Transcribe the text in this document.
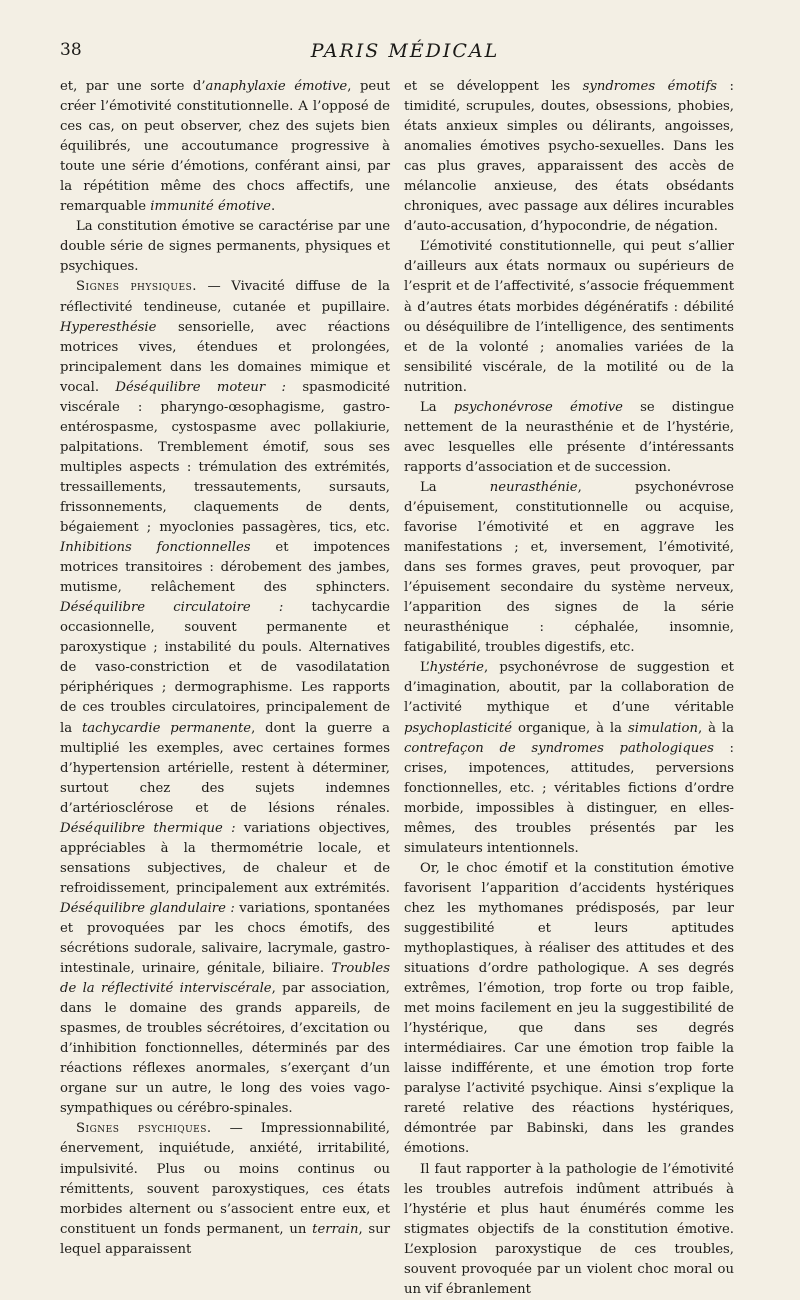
38	PARIS MÉDICAL

et, par une sorte d’anaphylaxie émotive, peut créer l’émotivité constitutionnelle. A l’opposé de ces cas, on peut observer, chez des sujets bien équilibrés, une accoutumance progressive à toute une série d’émotions, conférant ainsi, par la répétition même des chocs affectifs, une remarquable immunité émotive.

La constitution émotive se caractérise par une double série de signes permanents, physiques et psychiques.

Signes physiques. — Vivacité diffuse de la réflectivité tendineuse, cutanée et pupillaire. Hyperesthésie sensorielle, avec réactions motrices vives, étendues et prolongées, principalement dans les domaines mimique et vocal. Déséquilibre moteur : spasmodicité viscérale : pharyngo-œsophagisme, gastro-entérospasme, cystospasme avec pollakiurie, palpitations. Tremblement émotif, sous ses multiples aspects : trémulation des extrémités, tressaillements, tressautements, sursauts, frissonnements, claquements de dents, bégaiement ; myoclonies passagères, tics, etc. Inhibitions fonctionnelles et impotences motrices transitoires : dérobement des jambes, mutisme, relâchement des sphincters. Déséquilibre circulatoire : tachycardie occasionnelle, souvent permanente et paroxystique ; instabilité du pouls. Alternatives de vaso-constriction et de vasodilatation périphériques ; dermographisme. Les rapports de ces troubles circulatoires, principalement de la tachycardie permanente, dont la guerre a multiplié les exemples, avec certaines formes d’hypertension artérielle, restent à déterminer, surtout chez des sujets indemnes d’artériosclérose et de lésions rénales. Déséquilibre thermique : variations objectives, appréciables à la thermométrie locale, et sensations subjectives, de chaleur et de refroidissement, principalement aux extrémités. Déséquilibre glandulaire : variations, spontanées et provoquées par les chocs émotifs, des sécrétions sudorale, salivaire, lacrymale, gastro-intestinale, urinaire, génitale, biliaire. Troubles de la réflectivité interviscérale, par association, dans le domaine des grands appareils, de spasmes, de troubles sécrétoires, d’excitation ou d’inhibition fonctionnelles, déterminés par des réactions réflexes anormales, s’exerçant d’un organe sur un autre, le long des voies vago-sympathiques ou cérébro-spinales.

Signes psychiques. — Impressionnabilité, énervement, inquiétude, anxiété, irritabilité, impulsivité. Plus ou moins continus ou rémittents, souvent paroxystiques, ces états morbides alternent ou s’associent entre eux, et constituent un fonds permanent, un terrain, sur lequel apparaissent

et se développent les syndromes émotifs : timidité, scrupules, doutes, obsessions, phobies, états anxieux simples ou délirants, angoisses, anomalies émotives psycho-sexuelles. Dans les cas plus graves, apparaissent des accès de mélancolie anxieuse, des états obsédants chroniques, avec passage aux délires incurables d’auto-accusation, d’hypocondrie, de négation.

L’émotivité constitutionnelle, qui peut s’allier d’ailleurs aux états normaux ou supérieurs de l’esprit et de l’affectivité, s’associe fréquemment à d’autres états morbides dégénératifs : débilité ou déséquilibre de l’intelligence, des sentiments et de la volonté ; anomalies variées de la sensibilité viscérale, de la motilité ou de la nutrition.

La psychonévrose émotive se distingue nettement de la neurasthénie et de l’hystérie, avec lesquelles elle présente d’intéressants rapports d’association et de succession.

La neurasthénie, psychonévrose d’épuisement, constitutionnelle ou acquise, favorise l’émotivité et en aggrave les manifestations ; et, inversement, l’émotivité, dans ses formes graves, peut provoquer, par l’épuisement secondaire du système nerveux, l’apparition des signes de la série neurasthénique : céphalée, insomnie, fatigabilité, troubles digestifs, etc.

L’hystérie, psychonévrose de suggestion et d’imagination, aboutit, par la collaboration de l’activité mythique et d’une véritable psychoplasticité organique, à la simulation, à la contrefaçon de syndromes pathologiques : crises, impotences, attitudes, perversions fonctionnelles, etc. ; véritables fictions d’ordre morbide, impossibles à distinguer, en elles-mêmes, des troubles présentés par les simulateurs intentionnels.

Or, le choc émotif et la constitution émotive favorisent l’apparition d’accidents hystériques chez les mythomanes prédisposés, par leur suggestibilité et leurs aptitudes mythoplastiques, à réaliser des attitudes et des situations d’ordre pathologique. A ses degrés extrêmes, l’émotion, trop forte ou trop faible, met moins facilement en jeu la suggestibilité de l’hystérique, que dans ses degrés intermédiaires. Car une émotion trop faible la laisse indifférente, et une émotion trop forte paralyse l’activité psychique. Ainsi s’explique la rareté relative des réactions hystériques, démontrée par Babinski, dans les grandes émotions.

Il faut rapporter à la pathologie de l’émotivité les troubles autrefois indûment attribués à l’hystérie et plus haut énumérés comme les stigmates objectifs de la constitution émotive. L’explosion paroxystique de ces troubles, souvent provoquée par un violent choc moral ou un vif ébranlement
